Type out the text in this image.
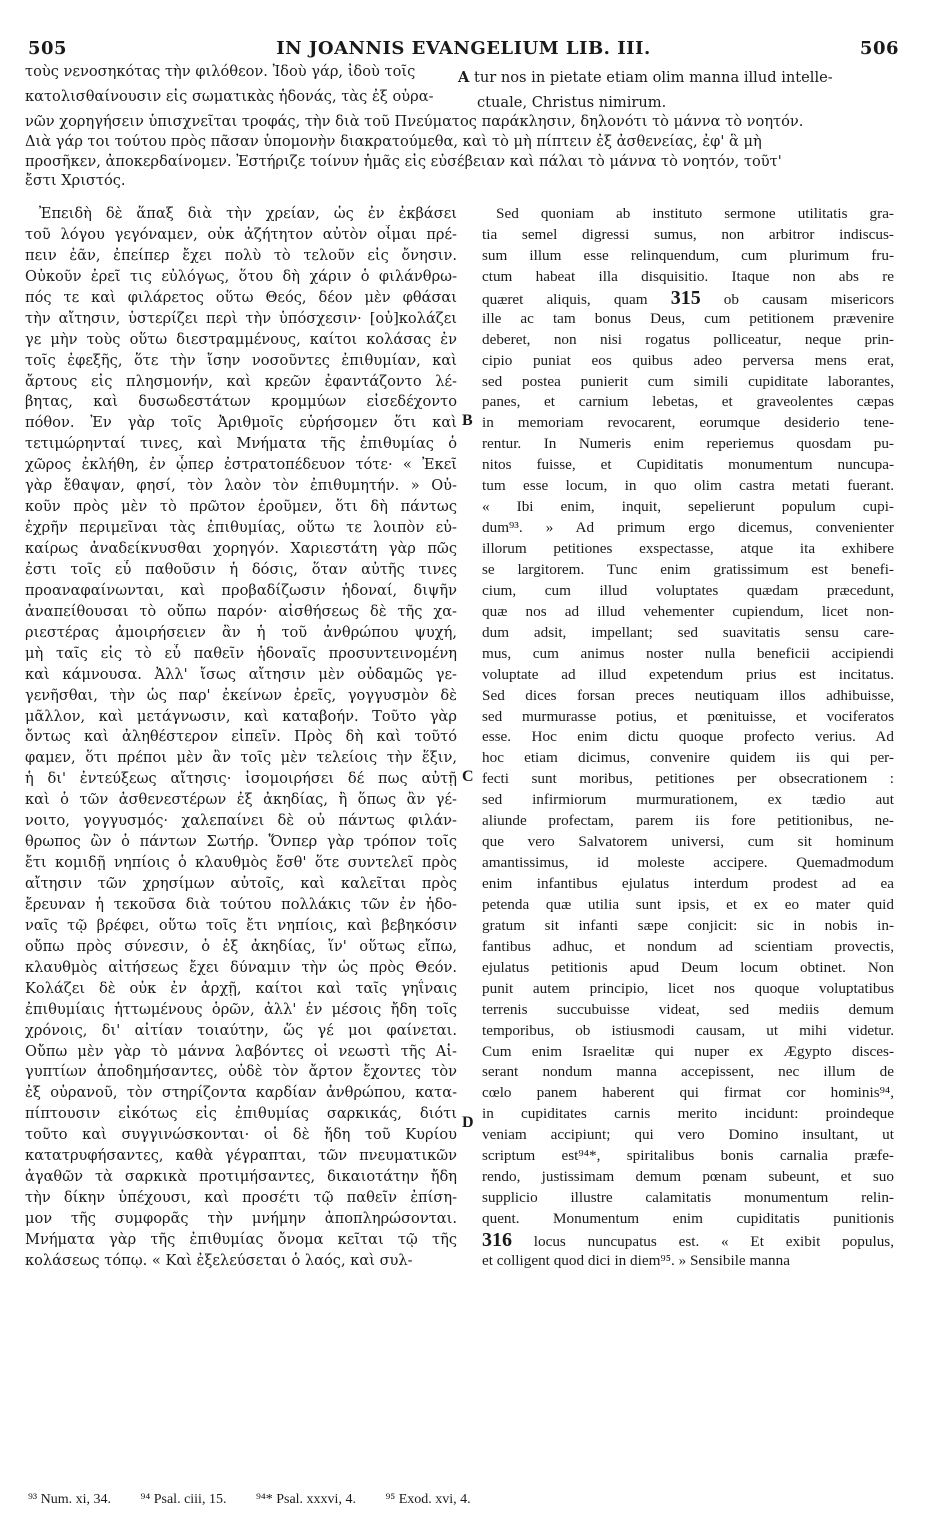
505	IN JOANNIS EVANGELIUM LIB. III.	506
τοὺς νενοσηκότας τὴν φιλόθεον. Ἰδοὺ γάρ, ἰδοὺ τοῖς	A tur nos in pietate etiam olim manna illud intelle-
κατολισθαίνουσιν εἰς σωματικὰς ἡδονάς, τὰς ἐξ οὐρα-	ctuale, Christus nimirum.
νῶν χορηγήσειν ὑπισχνεῖται τροφάς, τὴν διὰ τοῦ Πνεύματος παράκλησιν, δηλονότι τὸ μάννα τὸ νοητόν.
Διὰ γάρ τοι τούτου πρὸς πᾶσαν ὑπομονὴν διακρατούμεθα, καὶ τὸ μὴ πίπτειν ἐξ ἀσθενείας, ἐφ' ἃ μὴ
προσῆκεν, ἀποκερδαίνομεν. Ἐστήριζε τοίνυν ἡμᾶς εἰς εὐσέβειαν καὶ πάλαι τὸ μάννα τὸ νοητόν, τοῦτ'
ἔστι Χριστός.
Ἐπειδὴ δὲ ἅπαξ διὰ τὴν χρείαν, ὡς ἐν ἐκβάσει
τοῦ λόγου γεγόναμεν, οὐκ ἀζήτητον αὐτὸν οἶμαι πρέ-
πειν ἐᾶν, ἐπείπερ ἔχει πολὺ τὸ τελοῦν εἰς ὄνησιν.
Οὐκοῦν ἐρεῖ τις εὐλόγως, ὅτου δὴ χάριν ὁ φιλάνθρω-
πός τε καὶ φιλάρετος οὕτω Θεός, δέον μὲν φθάσαι
τὴν αἴτησιν, ὑστερίζει περὶ τὴν ὑπόσχεσιν· [οὐ]κολάζει
γε μὴν τοὺς οὕτω διεστραμμένους, καίτοι κολάσας ἐν
τοῖς ἐφεξῆς, ὅτε τὴν ἴσην νοσοῦντες ἐπιθυμίαν, καὶ
ἄρτους εἰς πλησμονήν, καὶ κρεῶν ἐφαντάζοντο λέ-
βητας, καὶ δυσωδεστάτων κρομμύων εἰσεδέχοντο
πόθον. Ἐν γὰρ τοῖς Ἀριθμοῖς εὑρήσομεν ὅτι καὶ
τετιμώρηνταί τινες, καὶ Μνήματα τῆς ἐπιθυμίας ὁ
χῶρος ἐκλήθη, ἐν ᾧπερ ἐστρατοπέδευον τότε· « Ἐκεῖ
γὰρ ἔθαψαν, φησί, τὸν λαὸν τὸν ἐπιθυμητήν. » Οὐ-
κοῦν πρὸς μὲν τὸ πρῶτον ἐροῦμεν, ὅτι δὴ πάντως
ἐχρῆν περιμεῖναι τὰς ἐπιθυμίας, οὕτω τε λοιπὸν εὐ-
καίρως ἀναδείκνυσθαι χορηγόν. Χαριεστάτη γὰρ πῶς
ἐστι τοῖς εὖ παθοῦσιν ἡ δόσις, ὅταν αὐτῆς τινες
προαναφαίνωνται, καὶ προβαδίζωσιν ἡδοναί, διψῆν
ἀναπείθουσαι τὸ οὔπω παρόν· αἰσθήσεως δὲ τῆς χα-
ριεστέρας ἀμοιρήσειεν ἂν ἡ τοῦ ἀνθρώπου ψυχή,
μὴ ταῖς εἰς τὸ εὖ παθεῖν ἡδοναῖς προσυντεινομένη
καὶ κάμνουσα. Ἀλλ' ἴσως αἴτησιν μὲν οὐδαμῶς γε-
γενῆσθαι, τὴν ὡς παρ' ἐκείνων ἐρεῖς, γογγυσμὸν δὲ
μᾶλλον, καὶ μετάγνωσιν, καὶ καταβοήν. Τοῦτο γὰρ
ὄντως καὶ ἀληθέστερον εἰπεῖν. Πρὸς δὴ καὶ τοῦτό
φαμεν, ὅτι πρέποι μὲν ἂν τοῖς μὲν τελείοις τὴν ἕξιν,
ἡ δι' ἐντεύξεως αἴτησις· ἰσομοιρήσει δέ πως αὐτῇ
καὶ ὁ τῶν ἀσθενεστέρων ἐξ ἀκηδίας, ἢ ὅπως ἂν γέ-
νοιτο, γογγυσμός· χαλεπαίνει δὲ οὐ πάντως φιλάν-
θρωπος ὢν ὁ πάντων Σωτήρ. Ὅνπερ γὰρ τρόπον τοῖς
ἔτι κομιδῇ νηπίοις ὁ κλαυθμὸς ἔσθ' ὅτε συντελεῖ πρὸς
αἴτησιν τῶν χρησίμων αὐτοῖς, καὶ καλεῖται πρὸς
ἔρευναν ἡ τεκοῦσα διὰ τούτου πολλάκις τῶν ἐν ἡδο-
ναῖς τῷ βρέφει, οὕτω τοῖς ἔτι νηπίοις, καὶ βεβηκόσιν
οὔπω πρὸς σύνεσιν, ὁ ἐξ ἀκηδίας, ἵν' οὕτως εἴπω,
κλαυθμὸς αἰτήσεως ἔχει δύναμιν τὴν ὡς πρὸς Θεόν.
Κολάζει δὲ οὐκ ἐν ἀρχῇ, καίτοι καὶ ταῖς γηΐναις
ἐπιθυμίαις ἡττωμένους ὁρῶν, ἀλλ' ἐν μέσοις ἤδη τοῖς
χρόνοις, δι' αἰτίαν τοιαύτην, ὥς γέ μοι φαίνεται.
Οὔπω μὲν γὰρ τὸ μάννα λαβόντες οἱ νεωστὶ τῆς Αἰ-
γυπτίων ἀποδημήσαντες, οὐδὲ τὸν ἄρτον ἔχοντες τὸν
ἐξ οὐρανοῦ, τὸν στηρίζοντα καρδίαν ἀνθρώπου, κατα-
πίπτουσιν εἰκότως εἰς ἐπιθυμίας σαρκικάς, διότι
τοῦτο καὶ συγγινώσκονται· οἱ δὲ ἤδη τοῦ Κυρίου
κατατρυφήσαντες, καθὰ γέγραπται, τῶν πνευματικῶν
ἀγαθῶν τὰ σαρκικὰ προτιμήσαντες, δικαιοτάτην ἤδη
τὴν δίκην ὑπέχουσι, καὶ προσέτι τῷ παθεῖν ἐπίση-
μον τῆς συμφορᾶς τὴν μνήμην ἀποπληρώσονται.
Μνήματα γὰρ τῆς ἐπιθυμίας ὄνομα κεῖται τῷ τῆς
κολάσεως τόπῳ. « Καὶ ἐξελεύσεται ὁ λαός, καὶ συλ-
Sed quoniam ab instituto sermone utilitatis gra-
tia semel digressi sumus, non arbitror indiscus-
sum illum esse relinquendum, cum plurimum fru-
ctum habeat illa disquisitio. Itaque non abs re
quæret aliquis, quam 315 ob causam misericors
ille ac tam bonus Deus, cum petitionem prævenire
deberet, non nisi rogatus polliceatur, neque prin-
cipio puniat eos quibus adeo perversa mens erat,
sed postea punierit cum simili cupiditate laborantes,
panes, et carnium lebetas, et graveolentes cæpas
in memoriam revocarent, eorumque desiderio tene-
rentur. In Numeris enim reperiemus quosdam pu-
nitos fuisse, et Cupiditatis monumentum nuncupa-
tum esse locum, in quo olim castra metati fuerant.
« Ibi enim, inquit, sepelierunt populum cupi-
dum⁹³. » Ad primum ergo dicemus, convenienter
illorum petitiones exspectasse, atque ita exhibere
se largitorem. Tunc enim gratissimum est benefi-
cium, cum illud voluptates quædam præcedunt,
quæ nos ad illud vehementer cupiendum, licet non-
dum adsit, impellant; sed suavitatis sensu care-
mus, cum animus noster nulla beneficii accipiendi
voluptate ad illud expetendum prius est incitatus.
Sed dices forsan preces neutiquam illos adhibuisse,
sed murmurasse potius, et pœnituisse, et vociferatos
esse. Hoc enim dictu quoque profecto verius. Ad
hoc etiam dicimus, convenire quidem iis qui per-
fecti sunt moribus, petitiones per obsecrationem :
sed infirmiorum murmurationem, ex tædio aut
aliunde profectam, parem iis fore petitionibus, ne-
que vero Salvatorem universi, cum sit hominum
amantissimus, id moleste accipere. Quemadmodum
enim infantibus ejulatus interdum prodest ad ea
petenda quæ utilia sunt ipsis, et ex eo mater quid
gratum sit infanti sæpe conjicit: sic in nobis in-
fantibus adhuc, et nondum ad scientiam provectis,
ejulatus petitionis apud Deum locum obtinet. Non
punit autem principio, licet nos quoque voluptatibus
terrenis succubuisse videat, sed mediis demum
temporibus, ob istiusmodi causam, ut mihi videtur.
Cum enim Israelitæ qui nuper ex Ægypto disces-
serant nondum manna accepissent, nec illum de
cœlo panem haberent qui firmat cor hominis⁹⁴,
in cupiditates carnis merito incidunt: proindeque
veniam accipiunt; qui vero Domino insultant, ut
scriptum est⁹⁴*, spiritalibus bonis carnalia præfe-
rendo, justissimam demum pœnam subeunt, et suo
supplicio illustre calamitatis monumentum relin-
quent. Monumentum enim cupiditatis punitionis
316 locus nuncupatus est. « Et exibit populus,
et colligent quod dici in diem⁹⁵. » Sensibile manna
B
C
D
⁹³ Num. xi, 34. ⁹⁴ Psal. ciii, 15. ⁹⁴* Psal. xxxvi, 4. ⁹⁵ Exod. xvi, 4.
